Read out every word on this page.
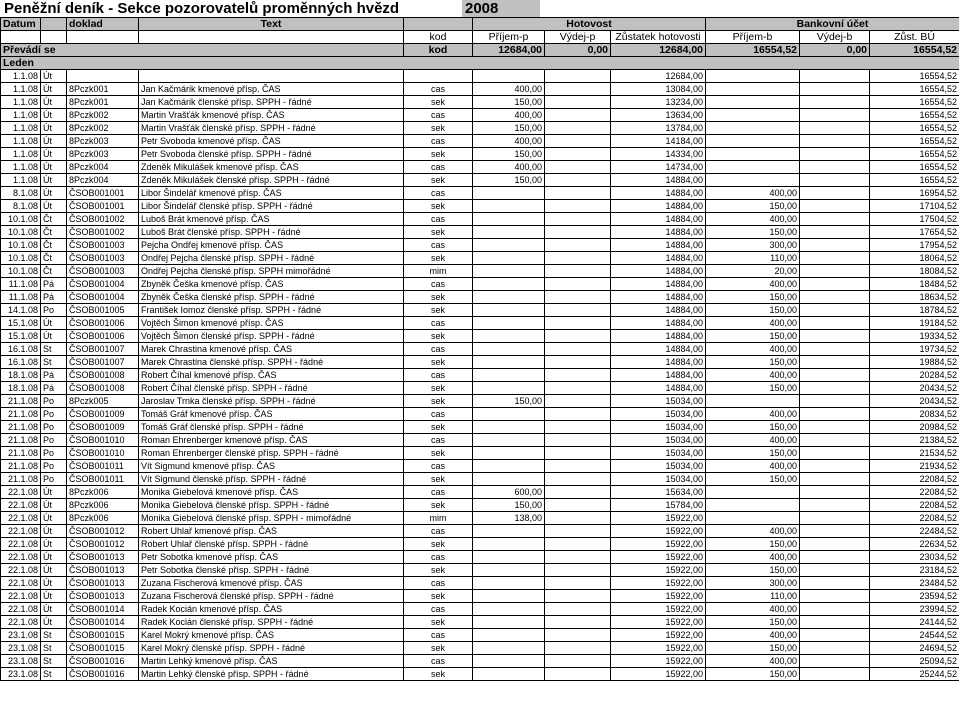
Peněžní deník - Sekce pozorovatelů proměnných hvězd	2008
Datum		doklad	Text		Hotovost			Bankovní účet		
				kod	Příjem-p	Výdej-p	Zůstatek hotovosti	Příjem-b	Výdej-b	Zůst. BÚ
Převádí se				kod	12684,00	0,00	12684,00	16554,52	0,00	16554,52
Leden										
1.1.08	Út						12684,00			16554,52
1.1.08	Út	8Pczk001	Jan Kačmárik kmenové přísp. ČAS	cas	400,00		13084,00			16554,52
1.1.08	Út	8Pczk001	Jan Kačmárik členské přísp. SPPH - řádné	sek	150,00		13234,00			16554,52
1.1.08	Út	8Pczk002	Martin Vrašťák kmenové přísp. ČAS	cas	400,00		13634,00			16554,52
1.1.08	Út	8Pczk002	Martin Vrašťák členské přísp. SPPH - řádné	sek	150,00		13784,00			16554,52
1.1.08	Út	8Pczk003	Petr Svoboda kmenové přísp. ČAS	cas	400,00		14184,00			16554,52
1.1.08	Út	8Pczk003	Petr Svoboda členské přísp. SPPH - řádné	sek	150,00		14334,00			16554,52
1.1.08	Út	8Pczk004	Zdeněk Mikulášek kmenové přísp. ČAS	cas	400,00		14734,00			16554,52
1.1.08	Út	8Pczk004	Zdeněk Mikulášek členské přísp. SPPH - řádné	sek	150,00		14884,00			16554,52
8.1.08	Út	ČSOB001001	Libor Šindelář kmenové přísp. ČAS	cas			14884,00	400,00		16954,52
8.1.08	Út	ČSOB001001	Libor Šindelář členské přísp. SPPH - řádné	sek			14884,00	150,00		17104,52
10.1.08	Čt	ČSOB001002	Luboš Brát kmenové přísp. ČAS	cas			14884,00	400,00		17504,52
10.1.08	Čt	ČSOB001002	Luboš Brát členské přísp. SPPH - řádné	sek			14884,00	150,00		17654,52
10.1.08	Čt	ČSOB001003	Pejcha Ondřej kmenové přísp. ČAS	cas			14884,00	300,00		17954,52
10.1.08	Čt	ČSOB001003	Ondřej Pejcha členské přísp. SPPH - řádné	sek			14884,00	110,00		18064,52
10.1.08	Čt	ČSOB001003	Ondřej Pejcha členské přísp. SPPH mimořádné	mim			14884,00	20,00		18084,52
11.1.08	Pá	ČSOB001004	Zbyněk Češka kmenové přísp. ČAS	cas			14884,00	400,00		18484,52
11.1.08	Pá	ČSOB001004	Zbyněk Češka členské přísp. SPPH - řádné	sek			14884,00	150,00		18634,52
14.1.08	Po	ČSOB001005	František Iomoz členské přísp. SPPH - řádné	sek			14884,00	150,00		18784,52
15.1.08	Út	ČSOB001006	Vojtěch Šimon kmenové přísp. ČAS	cas			14884,00	400,00		19184,52
15.1.08	Út	ČSOB001006	Vojtěch Šimon členské přísp. SPPH - řádné	sek			14884,00	150,00		19334,52
16.1.08	St	ČSOB001007	Marek Chrastina kmenové přísp. ČAS	cas			14884,00	400,00		19734,52
16.1.08	St	ČSOB001007	Marek Chrastina členské přísp. SPPH - řádné	sek			14884,00	150,00		19884,52
18.1.08	Pá	ČSOB001008	Robert Číhal kmenové přísp. ČAS	cas			14884,00	400,00		20284,52
18.1.08	Pá	ČSOB001008	Robert Číhal členské přísp. SPPH - řádné	sek			14884,00	150,00		20434,52
21.1.08	Po	8Pczk005	Jaroslav Trnka členské přísp. SPPH - řádné	sek	150,00		15034,00			20434,52
21.1.08	Po	ČSOB001009	Tomáš Gráf kmenové přísp. ČAS	cas			15034,00	400,00		20834,52
21.1.08	Po	ČSOB001009	Tomáš Gráf členské přísp. SPPH - řádné	sek			15034,00	150,00		20984,52
21.1.08	Po	ČSOB001010	Roman Ehrenberger kmenové přísp. ČAS	cas			15034,00	400,00		21384,52
21.1.08	Po	ČSOB001010	Roman Ehrenberger členské přísp. SPPH - řádné	sek			15034,00	150,00		21534,52
21.1.08	Po	ČSOB001011	Vít Sigmund kmenové přísp. ČAS	cas			15034,00	400,00		21934,52
21.1.08	Po	ČSOB001011	Vít Sigmund členské přísp. SPPH - řádné	sek			15034,00	150,00		22084,52
22.1.08	Út	8Pczk006	Monika Giebelová kmenové přísp. ČAS	cas	600,00		15634,00			22084,52
22.1.08	Út	8Pczk006	Monika Giebelová členské přísp. SPPH - řádné	sek	150,00		15784,00			22084,52
22.1.08	Út	8Pczk006	Monika Giebelová členské přísp. SPPH - mimořádné	mim	138,00		15922,00			22084,52
22.1.08	Út	ČSOB001012	Robert Uhlař kmenové přísp. ČAS	cas			15922,00	400,00		22484,52
22.1.08	Út	ČSOB001012	Robert Uhlař členské přísp. SPPH - řádné	sek			15922,00	150,00		22634,52
22.1.08	Út	ČSOB001013	Petr Sobotka kmenové přísp. ČAS	cas			15922,00	400,00		23034,52
22.1.08	Út	ČSOB001013	Petr Sobotka členské přísp. SPPH - řádné	sek			15922,00	150,00		23184,52
22.1.08	Út	ČSOB001013	Zuzana Fischerová kmenové přísp. ČAS	cas			15922,00	300,00		23484,52
22.1.08	Út	ČSOB001013	Zuzana Fischerová členské přísp. SPPH - řádné	sek			15922,00	110,00		23594,52
22.1.08	Út	ČSOB001014	Radek Kocián kmenové přísp. ČAS	cas			15922,00	400,00		23994,52
22.1.08	Út	ČSOB001014	Radek Kocián členské přísp. SPPH - řádné	sek			15922,00	150,00		24144,52
23.1.08	St	ČSOB001015	Karel Mokrý kmenové přísp. ČAS	cas			15922,00	400,00		24544,52
23.1.08	St	ČSOB001015	Karel Mokrý členské přísp. SPPH - řádné	sek			15922,00	150,00		24694,52
23.1.08	St	ČSOB001016	Martin Lehký kmenové přísp. ČAS	cas			15922,00	400,00		25094,52
23.1.08	St	ČSOB001016	Martin Lehký členské přísp. SPPH - řádné	sek			15922,00	150,00		25244,52
